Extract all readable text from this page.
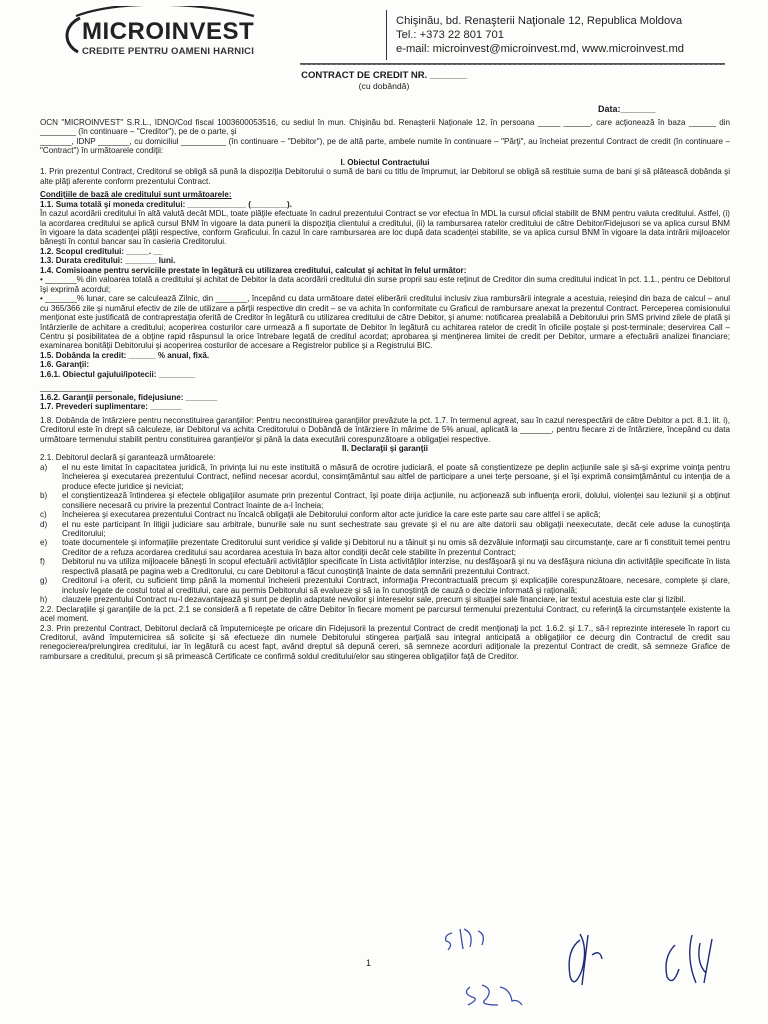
MICROINVEST
CREDITE PENTRU OAMENI HARNICI
Chişinău, bd. Renaşterii Naţionale 12, Republica Moldova
Tel.: +373 22 801 701
e-mail: microinvest@microinvest.md, www.microinvest.md
CONTRACT DE CREDIT NR. _______
(cu dobândă)
Data:_______

OCN "MICROINVEST" S.R.L., IDNO/Cod fiscal 1003600053516, cu sediul în mun. Chişinău bd. Renaşterii Naţionale 12, în persoana _____ ______, care acţionează în baza ______ din ________ (în continuare – "Creditor"), pe de o parte, şi

_______, IDNP _______, cu domiciliul __________ (în continuare – "Debitor"), pe de altă parte, ambele numite în continuare – "Părţi", au încheiat prezentul Contract de credit (în continuare – "Contract") în următoarele condiţii:

I. Obiectul Contractului

1. Prin prezentul Contract, Creditorul se obligă să pună la dispoziţia Debitorului o sumă de bani cu titlu de împrumut, iar Debitorul se obligă să restituie suma de bani şi să plătească dobânda şi alte plăţi aferente conform prezentului Contract.

Condiţiile de bază ale creditului sunt următoarele:

1.1. Suma totală şi moneda creditului: _____________ (________).

În cazul acordării creditului în altă valută decât MDL, toate plăţile efectuate în cadrul prezentului Contract se vor efectua în MDL la cursul oficial stabilit de BNM pentru valuta creditului. Astfel, (i) la acordarea creditului se aplică cursul BNM în vigoare la data punerii la dispoziţia clientului a creditului, (ii) la rambursarea ratelor creditului de către Debitor/Fidejusori se va aplica cursul BNM în vigoare la data scadenţei plăţii respective, conform Graficului. În cazul în care rambursarea are loc după data scadenţei stabilite, se va aplica cursul BNM în vigoare la data intrării mijloacelor băneşti în contul bancar sau în casieria Creditorului.

1.2. Scopul creditului: _____. __

1.3. Durata creditului: _______ luni.

1.4. Comisioane pentru serviciile prestate în legătură cu utilizarea creditului, calculat şi achitat în felul următor:

• _______% din valoarea totală a creditului şi achitat de Debitor la data acordării creditului din surse proprii sau este reţinut de Creditor din suma creditului indicat în pct. 1.1., pentru ce Debitorul îşi exprimă acordul;

• _______% lunar, care se calculează Zilnic, din _______, începând cu data următoare datei eliberării creditului inclusiv ziua rambursării integrale a acestuia, reieşind din baza de calcul – anul cu 365/366 zile şi numărul efectiv de zile de utilizare a părţii respective din credit – se va achita în conformitate cu Graficul de rambursare anexat la prezentul Contract. Perceperea comisionului menţionat este justificată de contraprestaţia oferită de Creditor în legătură cu utilizarea creditului de către Debitor, şi anume: notificarea prealabilă a Debitorului prin SMS privind zilele de plată şi întârzierile de achitare a creditului; acoperirea costurilor care urmează a fi suportate de Debitor în legătură cu achitarea ratelor de credit în oficiile poştale şi post-terminale; deservirea Call – Centru şi posibilitatea de a obţine rapid răspunsul la orice întrebare legată de creditul acordat; aprobarea şi menţinerea limitei de credit per Debitor, urmare a efectuării analizei financiare; examinarea bonităţii Debitorului şi acoperirea costurilor de accesare a Registrelor publice şi a Registrului BIC.

1.5. Dobânda la credit: ______ % anual, fixă.

1.6. Garanţii:

1.6.1. Obiectul gajului/ipotecii: ________

________________

1.6.2. Garanţii personale, fidejusiune: _______

1.7. Prevederi suplimentare: _______

1.8. Dobânda de întârziere pentru neconstituirea garanţiilor: Pentru neconstituirea garanţiilor prevăzute la pct. 1.7. în termenul agreat, sau în cazul nerespectării de către Debitor a pct. 8.1. lit. i), Creditorul este în drept să calculeze, iar Debitorul va achita Creditorului o Dobândă de întârziere în mărime de 5% anual, aplicată la _______, pentru fiecare zi de întârziere, începând cu data următoare termenului stabilit pentru constituirea garanţiei/or şi până la data executării corespunzătoare a obligaţiei respective.

II. Declaraţii şi garanţii

2.1. Debitorul declară şi garantează următoarele:

a)	el nu este limitat în capacitatea juridică, în privinţa lui nu este instituită o măsură de ocrotire judiciară, el poate să conştientizeze pe deplin acţiunile sale şi să-şi exprime voinţa pentru încheierea şi executarea prezentului Contract, nefiind necesar acordul, consimţământul sau altfel de participare a unei terţe persoane, şi el îşi exprimă consimţământul cu intenţia de a produce efecte juridice şi neviciat;
b)	el conştientizează întinderea şi efectele obligaţiilor asumate prin prezentul Contract, îşi poate dirija acţiunile, nu acţionează sub influenţa erorii, dolului, violenţei sau leziunii şi a obţinut consiliere necesară cu privire la prezentul Contract înainte de a-l încheia;
c)	încheierea şi executarea prezentului Contract nu încalcă obligaţii ale Debitorului conform altor acte juridice la care este parte sau care altfel i se aplică;
d)	el nu este participant în litigii judiciare sau arbitrale, bunurile sale nu sunt sechestrate sau grevate şi el nu are alte datorii sau obligaţii neexecutate, decât cele aduse la cunoştinţa Creditorului;
e)	toate documentele şi informaţiile prezentate Creditorului sunt veridice şi valide şi Debitorul nu a tăinuit şi nu omis să dezvăluie informaţii sau circumstanţe, care ar fi constituit temei pentru Creditor de a refuza acordarea creditului sau acordarea acestuia în baza altor condiţii decât cele stabilite în prezentul Contract;
f)	Debitorul nu va utiliza mijloacele băneşti în scopul efectuării activităţilor specificate în Lista activităţilor interzise, nu desfăşoară şi nu va desfăşura niciuna din activităţile specificate în lista respectivă plasată pe pagina web a Creditorului, cu care Debitorul a făcut cunoştinţă înainte de data semnării prezentului Contract.
g)	Creditorul i-a oferit, cu suficient timp până la momentul încheierii prezentului Contract, informaţia Precontractuală precum şi explicaţiile corespunzătoare, necesare, complete şi clare, inclusiv legate de costul total al creditului, care au permis Debitorului să evalueze şi să ia în cunoştinţă de cauză o decizie informată şi raţională;
h)	clauzele prezentului Contract nu-l dezavantajează şi sunt pe deplin adaptate nevoilor şi intereselor sale, precum şi situaţiei sale financiare, iar textul acestuia este clar şi lizibil.

2.2. Declaraţiile şi garanţiile de la pct. 2.1 se consideră a fi repetate de către Debitor în fiecare moment pe parcursul termenului prezentului Contract, cu referinţă la circumstanţele existente la acel moment.

2.3. Prin prezentul Contract, Debitorul declară că împuterniceşte pe oricare din Fidejusorii la prezentul Contract de credit menţionaţi la pct. 1.6.2. şi 1.7., să-l reprezinte interesele în raport cu Creditorul, având împuternicirea să solicite şi să efectueze din numele Debitorului stingerea parţială sau integral anticipată a obligaţiilor ce decurg din Contractul de credit sau renegocierea/prelungirea creditului, iar în legătură cu acest fapt, având dreptul să depună cereri, să semneze acorduri adiţionale la prezentul Contract de credit, să semneze Grafice de rambursare a creditului, precum şi să primească Certificate ce confirmă soldul creditului/elor sau stingerea obligaţiilor faţă de Creditor.

1
